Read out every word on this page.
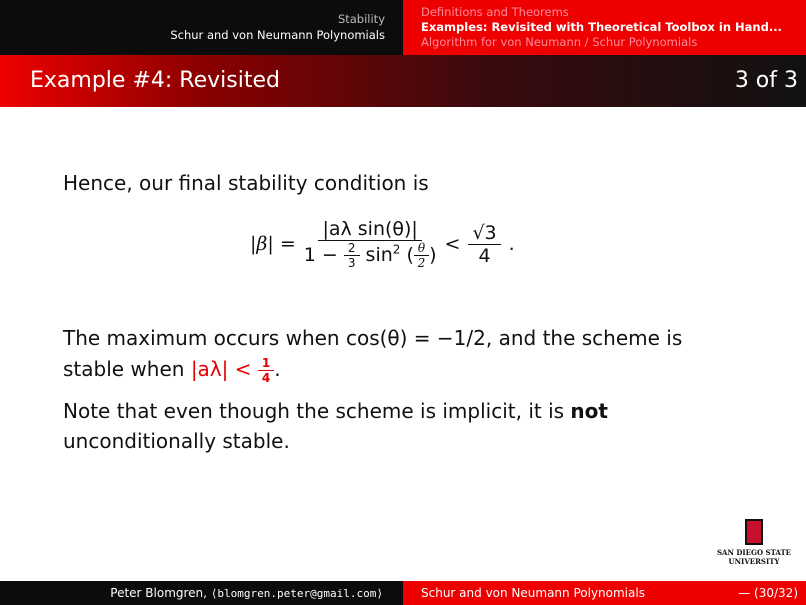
Stability
Schur and von Neumann Polynomials
Definitions and Theorems
Examples: Revisited with Theoretical Toolbox in Hand...
Algorithm for von Neumann / Schur Polynomials
Example #4: Revisited	3 of 3
Hence, our final stability condition is
$|\beta| = \frac{\text{|aλ sin(θ)|}}{1 - \frac{2}{3} \sin^2 ( \frac{\theta}{2} )} < \frac{√3}{4}$ .
The maximum occurs when cos(θ) = −1/2, and the scheme is
stable when $|a\lambda| < \frac{1}{4}$ .
Note that even though the scheme is implicit, it is not
unconditionally stable.
SAN DIEGO STATE
UNIVERSITY
Peter Blomgren, ⟨blomgren.peter@gmail.com⟩	Schur and von Neumann Polynomials	— (30/32)
